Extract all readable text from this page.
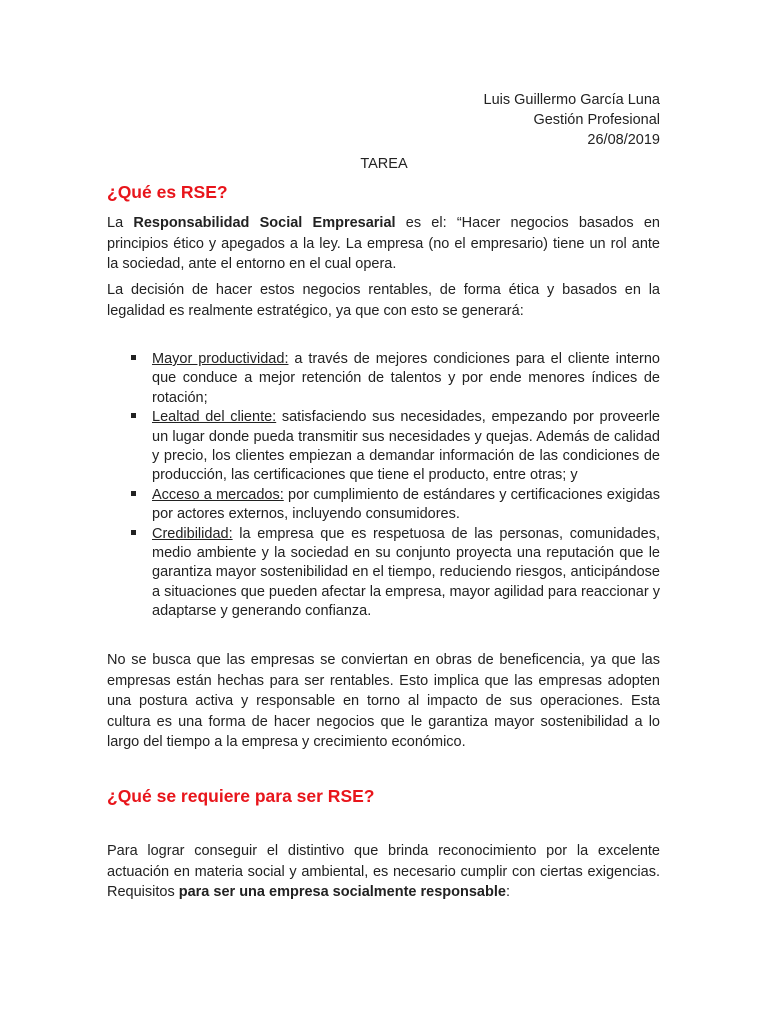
Luis Guillermo García Luna
Gestión Profesional
26/08/2019
TAREA
¿Qué es RSE?
La Responsabilidad Social Empresarial es el: “Hacer negocios basados en principios ético y apegados a la ley. La empresa (no el empresario) tiene un rol ante la sociedad, ante el entorno en el cual opera.
La decisión de hacer estos negocios rentables, de forma ética y basados en la legalidad es realmente estratégico, ya que con esto se generará:
Mayor productividad: a través de mejores condiciones para el cliente interno que conduce a mejor retención de talentos y por ende menores índices de rotación;
Lealtad del cliente: satisfaciendo sus necesidades, empezando por proveerle un lugar donde pueda transmitir sus necesidades y quejas. Además de calidad y precio, los clientes empiezan a demandar información de las condiciones de producción, las certificaciones que tiene el producto, entre otras; y
Acceso a mercados: por cumplimiento de estándares y certificaciones exigidas por actores externos, incluyendo consumidores.
Credibilidad: la empresa que es respetuosa de las personas, comunidades, medio ambiente y la sociedad en su conjunto proyecta una reputación que le garantiza mayor sostenibilidad en el tiempo, reduciendo riesgos, anticipándose a situaciones que pueden afectar la empresa, mayor agilidad para reaccionar y adaptarse y generando confianza.
No se busca que las empresas se conviertan en obras de beneficencia, ya que las empresas están hechas para ser rentables. Esto implica que las empresas adopten una postura activa y responsable en torno al impacto de sus operaciones. Esta cultura es una forma de hacer negocios que le garantiza mayor sostenibilidad a lo largo del tiempo a la empresa y crecimiento económico.
¿Qué se requiere para ser RSE?
Para lograr conseguir el distintivo que brinda reconocimiento por la excelente actuación en materia social y ambiental, es necesario cumplir con ciertas exigencias. Requisitos para ser una empresa socialmente responsable:
